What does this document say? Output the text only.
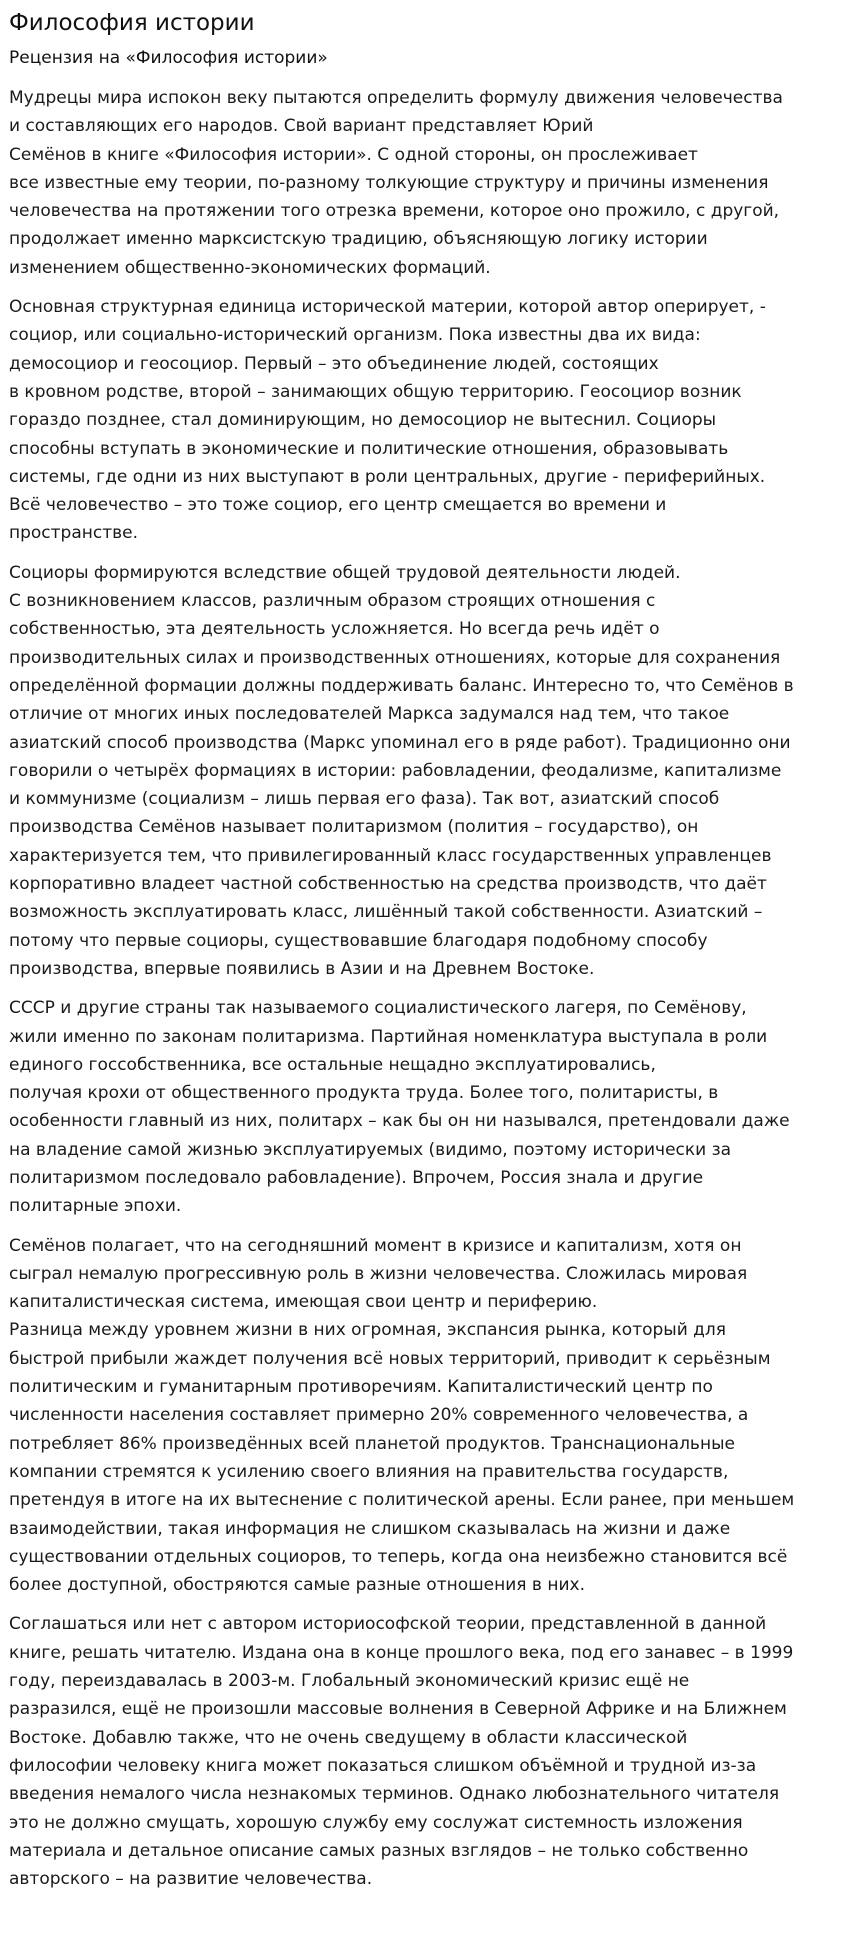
Философия истории
Рецензия на «Философия истории»

Мудрецы мира испокон веку пытаются определить формулу движения человечества
и составляющих его народов. Свой вариант представляет Юрий
Семёнов в книге «Философия истории». С одной стороны, он прослеживает
все известные ему теории, по-разному толкующие структуру и причины изменения
человечества на протяжении того отрезка времени, которое оно прожило, с другой,
продолжает именно марксистскую традицию, объясняющую логику истории
изменением общественно-экономических формаций.

Основная структурная единица исторической материи, которой автор оперирует, -
социор, или социально-исторический организм. Пока известны два их вида:
демосоциор и геосоциор. Первый – это объединение людей, состоящих
в кровном родстве, второй – занимающих общую территорию. Геосоциор возник
гораздо позднее, стал доминирующим, но демосоциор не вытеснил. Социоры
способны вступать в экономические и политические отношения, образовывать
системы, где одни из них выступают в роли центральных, другие - периферийных.
Всё человечество – это тоже социор, его центр смещается во времени и
пространстве.

Социоры формируются вследствие общей трудовой деятельности людей.
С возникновением классов, различным образом строящих отношения с
собственностью, эта деятельность усложняется. Но всегда речь идёт о
производительных силах и производственных отношениях, которые для сохранения
определённой формации должны поддерживать баланс. Интересно то, что Семёнов в
отличие от многих иных последователей Маркса задумался над тем, что такое
азиатский способ производства (Маркс упоминал его в ряде работ). Традиционно они
говорили о четырёх формациях в истории: рабовладении, феодализме, капитализме
и коммунизме (социализм – лишь первая его фаза). Так вот, азиатский способ
производства Семёнов называет политаризмом (полития – государство), он
характеризуется тем, что привилегированный класс государственных управленцев
корпоративно владеет частной собственностью на средства производств, что даёт
возможность эксплуатировать класс, лишённый такой собственности. Азиатский –
потому что первые социоры, существовавшие благодаря подобному способу
производства, впервые появились в Азии и на Древнем Востоке.

СССР и другие страны так называемого социалистического лагеря, по Семёнову,
жили именно по законам политаризма. Партийная номенклатура выступала в роли
единого госсобственника, все остальные нещадно эксплуатировались,
получая крохи от общественного продукта труда. Более того, политаристы, в
особенности главный из них, политарх – как бы он ни назывался, претендовали даже
на владение самой жизнью эксплуатируемых (видимо, поэтому исторически за
политаризмом последовало рабовладение). Впрочем, Россия знала и другие
политарные эпохи.

Семёнов полагает, что на сегодняшний момент в кризисе и капитализм, хотя он
сыграл немалую прогрессивную роль в жизни человечества. Сложилась мировая
капиталистическая система, имеющая свои центр и периферию.
Разница между уровнем жизни в них огромная, экспансия рынка, который для
быстрой прибыли жаждет получения всё новых территорий, приводит к серьёзным
политическим и гуманитарным противоречиям. Капиталистический центр по
численности населения составляет примерно 20% современного человечества, а
потребляет 86% произведённых всей планетой продуктов. Транснациональные
компании стремятся к усилению своего влияния на правительства государств,
претендуя в итоге на их вытеснение с политической арены. Если ранее, при меньшем
взаимодействии, такая информация не слишком сказывалась на жизни и даже
существовании отдельных социоров, то теперь, когда она неизбежно становится всё
более доступной, обостряются самые разные отношения в них.

Соглашаться или нет с автором историософской теории, представленной в данной
книге, решать читателю. Издана она в конце прошлого века, под его занавес – в 1999
году, переиздавалась в 2003-м. Глобальный экономический кризис ещё не
разразился, ещё не произошли массовые волнения в Северной Африке и на Ближнем
Востоке. Добавлю также, что не очень сведущему в области классической
философии человеку книга может показаться слишком объёмной и трудной из-за
введения немалого числа незнакомых терминов. Однако любознательного читателя
это не должно смущать, хорошую службу ему сослужат системность изложения
материала и детальное описание самых разных взглядов – не только собственно
авторского – на развитие человечества.
